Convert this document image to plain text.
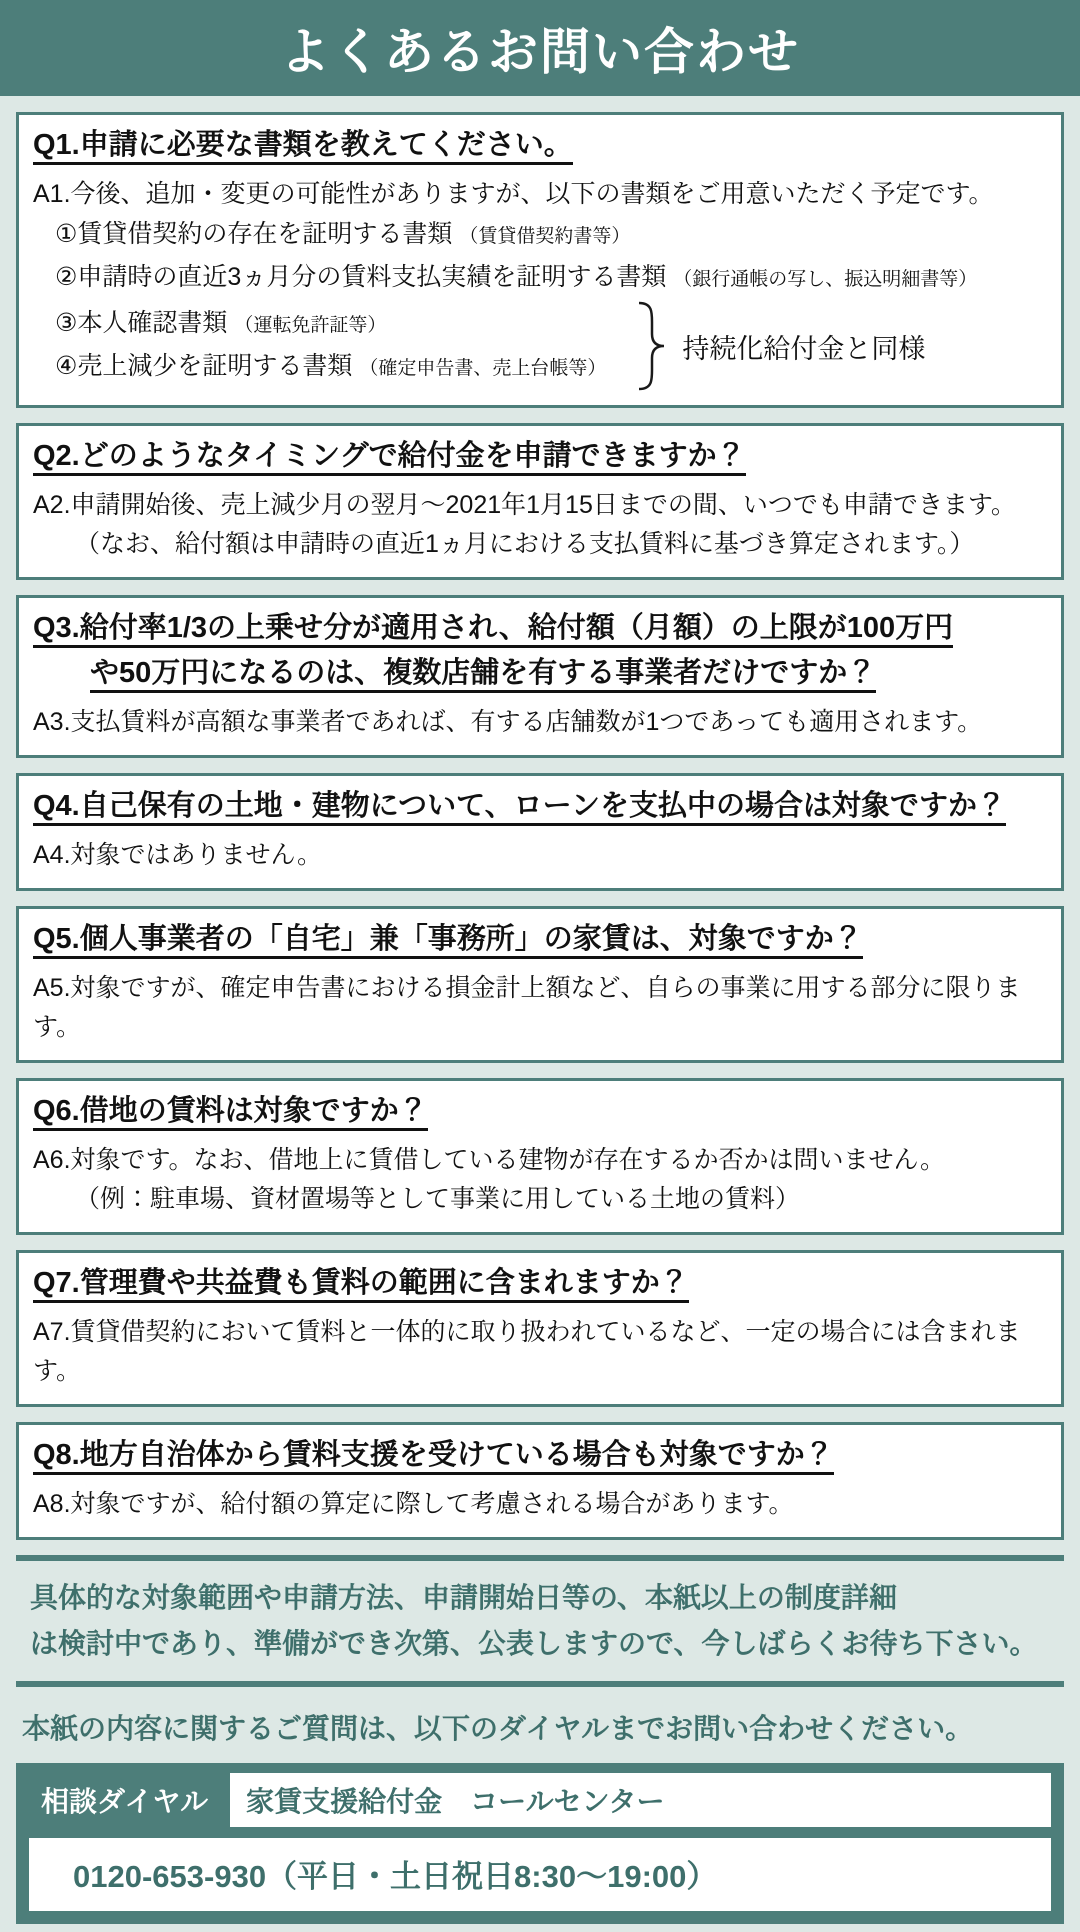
よくあるお問い合わせ
Q1.申請に必要な書類を教えてください。
A1.今後、追加・変更の可能性がありますが、以下の書類をご用意いただく予定です。
①賃貸借契約の存在を証明する書類 （賃貸借契約書等）
②申請時の直近3ヵ月分の賃料支払実績を証明する書類 （銀行通帳の写し、振込明細書等）
③本人確認書類 （運転免許証等）
④売上減少を証明する書類 （確定申告書、売上台帳等）
持続化給付金と同様
Q2.どのようなタイミングで給付金を申請できますか？
A2.申請開始後、売上減少月の翌月～2021年1月15日までの間、いつでも申請できます。
（なお、給付額は申請時の直近1ヵ月における支払賃料に基づき算定されます。）
Q3.給付率1/3の上乗せ分が適用され、給付額（月額）の上限が100万円
や50万円になるのは、複数店舗を有する事業者だけですか？
A3.支払賃料が高額な事業者であれば、有する店舗数が1つであっても適用されます。
Q4.自己保有の土地・建物について、ローンを支払中の場合は対象ですか？
A4.対象ではありません。
Q5.個人事業者の「自宅」兼「事務所」の家賃は、対象ですか？
A5.対象ですが、確定申告書における損金計上額など、自らの事業に用する部分に限ります。
Q6.借地の賃料は対象ですか？
A6.対象です。なお、借地上に賃借している建物が存在するか否かは問いません。
（例：駐車場、資材置場等として事業に用している土地の賃料）
Q7.管理費や共益費も賃料の範囲に含まれますか？
A7.賃貸借契約において賃料と一体的に取り扱われているなど、一定の場合には含まれます。
Q8.地方自治体から賃料支援を受けている場合も対象ですか？
A8.対象ですが、給付額の算定に際して考慮される場合があります。
具体的な対象範囲や申請方法、申請開始日等の、本紙以上の制度詳細
は検討中であり、準備ができ次第、公表しますので、今しばらくお待ち下さい。
本紙の内容に関するご質問は、以下のダイヤルまでお問い合わせください。
相談ダイヤル	家賃支援給付金　コールセンター
0120-653-930（平日・土日祝日8:30～19:00）
